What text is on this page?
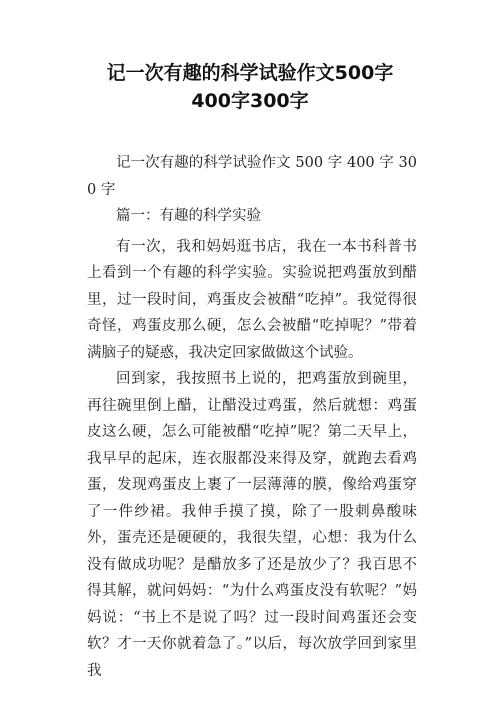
记一次有趣的科学试验作文500字
400字300字

记一次有趣的科学试验作文 500 字 400 字 300 字

篇一：有趣的科学实验

有一次，我和妈妈逛书店，我在一本书科普书上看到一个有趣的科学实验。实验说把鸡蛋放到醋里，过一段时间，鸡蛋皮会被醋“吃掉”。我觉得很奇怪，鸡蛋皮那么硬，怎么会被醋“吃掉呢？”带着满脑子的疑惑，我决定回家做做这个试验。

回到家，我按照书上说的，把鸡蛋放到碗里，再往碗里倒上醋，让醋没过鸡蛋，然后就想：鸡蛋皮这么硬，怎么可能被醋“吃掉”呢？第二天早上，我早早的起床，连衣服都没来得及穿，就跑去看鸡蛋，发现鸡蛋皮上裹了一层薄薄的膜，像给鸡蛋穿了一件纱裙。我伸手摸了摸，除了一股刺鼻酸味外，蛋壳还是硬硬的，我很失望，心想：我为什么没有做成功呢？是醋放多了还是放少了？我百思不得其解，就问妈妈：“为什么鸡蛋皮没有软呢？”妈妈说：“书上不是说了吗？过一段时间鸡蛋还会变软？才一天你就着急了。”以后，每次放学回到家里我
